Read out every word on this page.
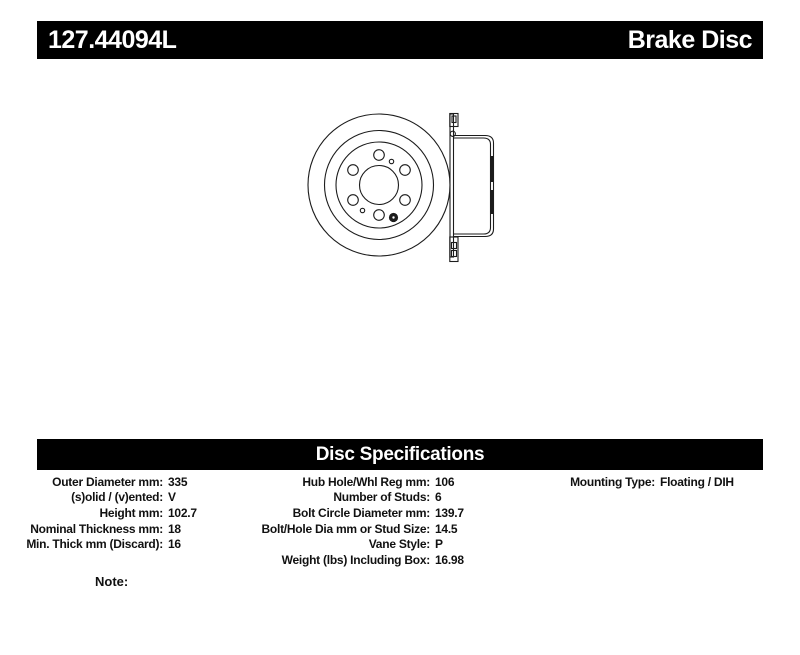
127.44094L	Brake Disc
Disc Specifications
Outer Diameter mm: 335
(s)olid / (v)ented: V
Height mm: 102.7
Nominal Thickness mm: 18
Min. Thick mm (Discard): 16
Hub Hole/Whl Reg mm: 106
Number of Studs: 6
Bolt Circle Diameter mm: 139.7
Bolt/Hole Dia mm or Stud Size: 14.5
Vane Style: P
Weight (lbs) Including Box: 16.98
Mounting Type: Floating / DIH
Note:
